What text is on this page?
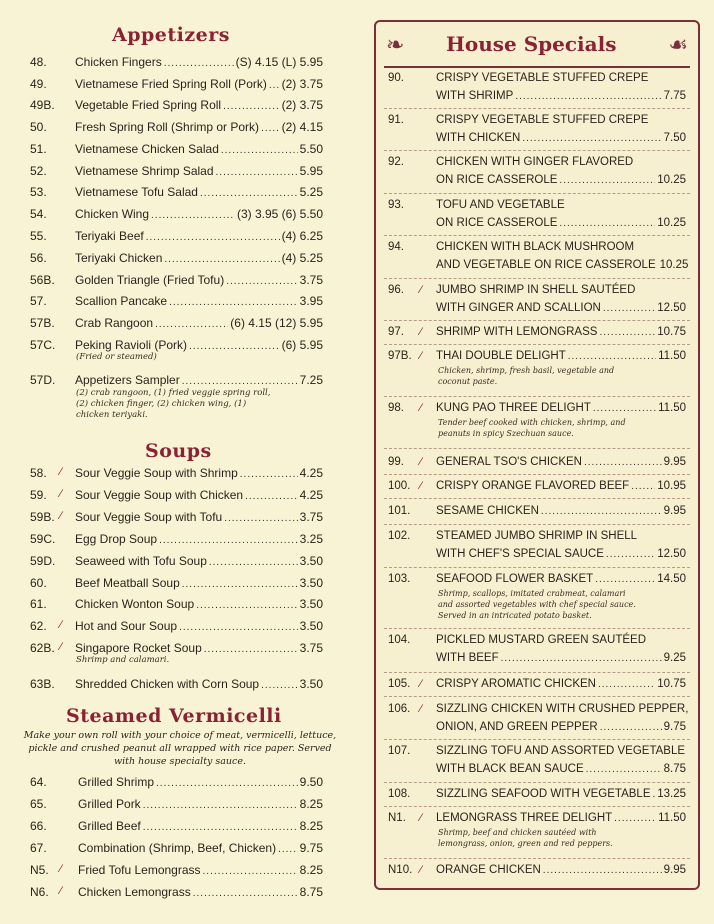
Appetizers
48.	Chicken Fingers .....	(S) 4.15 (L) 5.95
49.	Vietnamese Fried Spring Roll (Pork) ..... (2) 3.75
49B.	Vegetable Fried Spring Roll .....	(2) 3.75
50.	Fresh Spring Roll (Shrimp or Pork) ..... (2) 4.15
51.	Vietnamese Chicken Salad .....	5.50
52.	Vietnamese Shrimp Salad .....	5.95
53.	Vietnamese Tofu Salad .....	5.25
54.	Chicken Wing .....	(3) 3.95 (6) 5.50
55.	Teriyaki Beef .....	(4) 6.25
56.	Teriyaki Chicken .....	(4) 5.25
56B.	Golden Triangle (Fried Tofu) .....	3.75
57.	Scallion Pancake .....	3.95
57B.	Crab Rangoon .....	(6) 4.15 (12) 5.95
57C.	Peking Ravioli (Pork) .....	(6) 5.95
(Fried or steamed)
57D.	Appetizers Sampler .....	7.25
(2) crab rangoon, (1) fried veggie spring roll, (2) chicken finger, (2) chicken wing, (1) chicken teriyaki.
Soups
58.	∕ Sour Veggie Soup with Shrimp .....	4.25
59.	∕ Sour Veggie Soup with Chicken .....	4.25
59B. ∕ Sour Veggie Soup with Tofu .....	3.75
59C.	Egg Drop Soup .....	3.25
59D.	Seaweed with Tofu Soup .....	3.50
60.	Beef Meatball Soup .....	3.50
61.	Chicken Wonton Soup .....	3.50
62.	∕ Hot and Sour Soup .....	3.50
62B. ∕ Singapore Rocket Soup .....	3.75
Shrimp and calamari.
63B.	Shredded Chicken with Corn Soup .....	3.50
Steamed Vermicelli
Make your own roll with your choice of meat, vermicelli, lettuce, pickle and crushed peanut all wrapped with rice paper. Served with house specialty sauce.
64.	Grilled Shrimp .....	9.50
65.	Grilled Pork .....	8.25
66.	Grilled Beef .....	8.25
67.	Combination (Shrimp, Beef, Chicken) ..... 9.75
N5.	∕ Fried Tofu Lemongrass .....	8.25
N6.	∕ Chicken Lemongrass .....	8.75
❧ House Specials ☙
90.	CRISPY VEGETABLE STUFFED CREPE
WITH SHRIMP .....	7.75
91.	CRISPY VEGETABLE STUFFED CREPE
WITH CHICKEN .....	7.50
92.	CHICKEN WITH GINGER FLAVORED
ON RICE CASSEROLE .....	10.25
93.	TOFU AND VEGETABLE
ON RICE CASSEROLE .....	10.25
94.	CHICKEN WITH BLACK MUSHROOM
AND VEGETABLE ON RICE CASSEROLE 10.25
96. ∕ JUMBO SHRIMP IN SHELL SAUTÉED
WITH GINGER AND SCALLION .....	12.50
97. ∕ SHRIMP WITH LEMONGRASS .....	10.75
97B. ∕ THAI DOUBLE DELIGHT .....	11.50
Chicken, shrimp, fresh basil, vegetable and coconut paste.
98. ∕ KUNG PAO THREE DELIGHT .....	11.50
Tender beef cooked with chicken, shrimp, and peanuts in spicy Szechuan sauce.
99. ∕ GENERAL TSO'S CHICKEN .....	9.95
100. ∕ CRISPY ORANGE FLAVORED BEEF ..... 10.95
101. SESAME CHICKEN .....	9.95
102. STEAMED JUMBO SHRIMP IN SHELL
WITH CHEF'S SPECIAL SAUCE .....	12.50
103. SEAFOOD FLOWER BASKET .....	14.50
Shrimp, scallops, imitated crabmeat, calamari and assorted vegetables with chef special sauce. Served in an intricated potato basket.
104. PICKLED MUSTARD GREEN SAUTÉED
WITH BEEF .....	9.25
105. ∕ CRISPY AROMATIC CHICKEN .....	10.75
106. ∕ SIZZLING CHICKEN WITH CRUSHED PEPPER,
ONION, AND GREEN PEPPER .....	9.75
107. SIZZLING TOFU AND ASSORTED VEGETABLE
WITH BLACK BEAN SAUCE .....	8.75
108. SIZZLING SEAFOOD WITH VEGETABLE ..... 13.25
N1. ∕ LEMONGRASS THREE DELIGHT .....	11.50
Shrimp, beef and chicken sautéed with lemongrass, onion, green and red peppers.
N10. ∕ ORANGE CHICKEN .....	9.95
